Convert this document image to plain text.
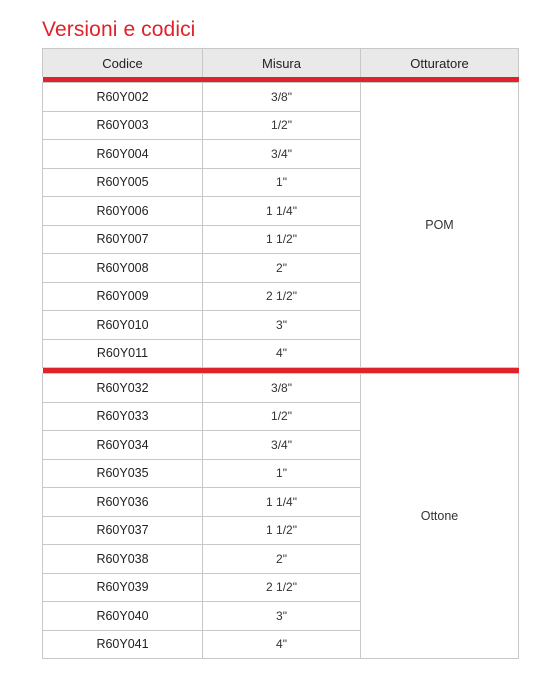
Versioni e codici
Codice	Misura	Otturatore

R60Y002	3/8"	POM
R60Y003	1/2"	
R60Y004	3/4"	
R60Y005	1"	
R60Y006	1 1/4"	
R60Y007	1 1/2"	
R60Y008	2"	
R60Y009	2 1/2"	
R60Y010	3"	
R60Y011	4"	

R60Y032	3/8"	Ottone
R60Y033	1/2"	
R60Y034	3/4"	
R60Y035	1"	
R60Y036	1 1/4"	
R60Y037	1 1/2"	
R60Y038	2"	
R60Y039	2 1/2"	
R60Y040	3"	
R60Y041	4"	
